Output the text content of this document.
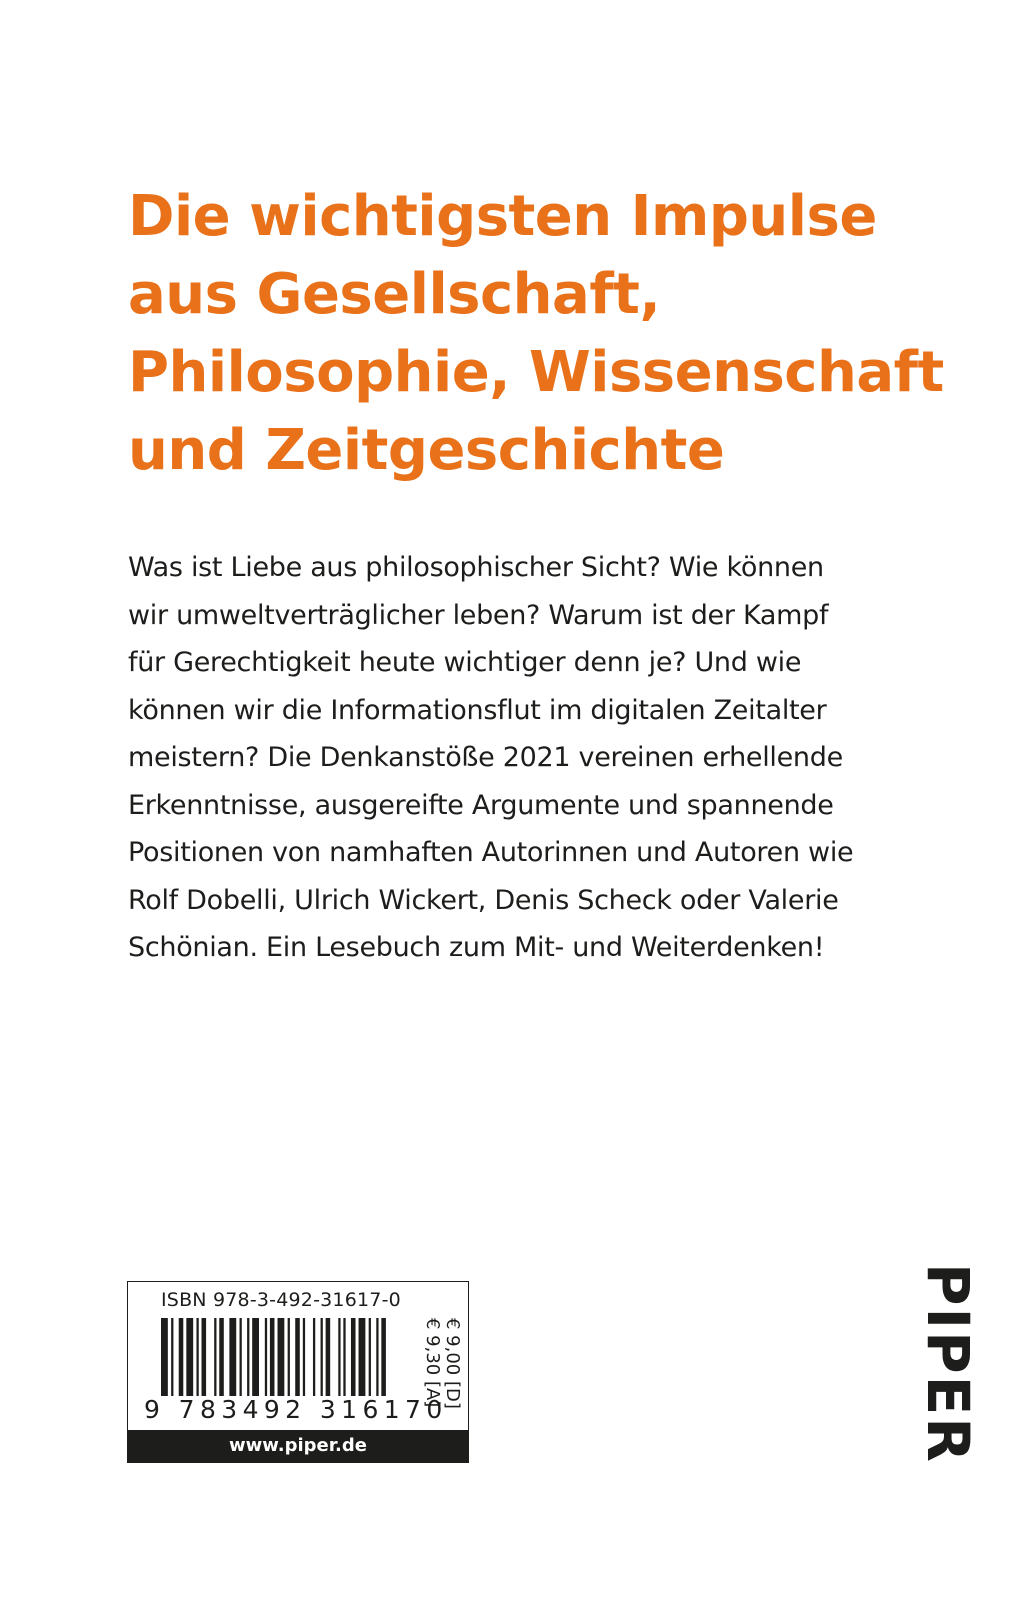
Die wichtigsten Impulse
aus Gesellschaft,
Philosophie, Wissenschaft
und Zeitgeschichte
Was ist Liebe aus philosophischer Sicht? Wie können
wir umweltverträglicher leben? Warum ist der Kampf
für Gerechtigkeit heute wichtiger denn je? Und wie
können wir die Informationsflut im digitalen Zeitalter
meistern? Die Denkanstöße 2021 vereinen erhellende
Erkenntnisse, ausgereifte Argumente und spannende
Positionen von namhaften Autorinnen und Autoren wie
Rolf Dobelli, Ulrich Wickert, Denis Scheck oder Valerie
Schönian. Ein Lesebuch zum Mit- und Weiterdenken!
ISBN 978-3-492-31617-0
9 783492 316170
€ 9,00 [D]
€ 9,30 [A]
www.piper.de	PIPER
